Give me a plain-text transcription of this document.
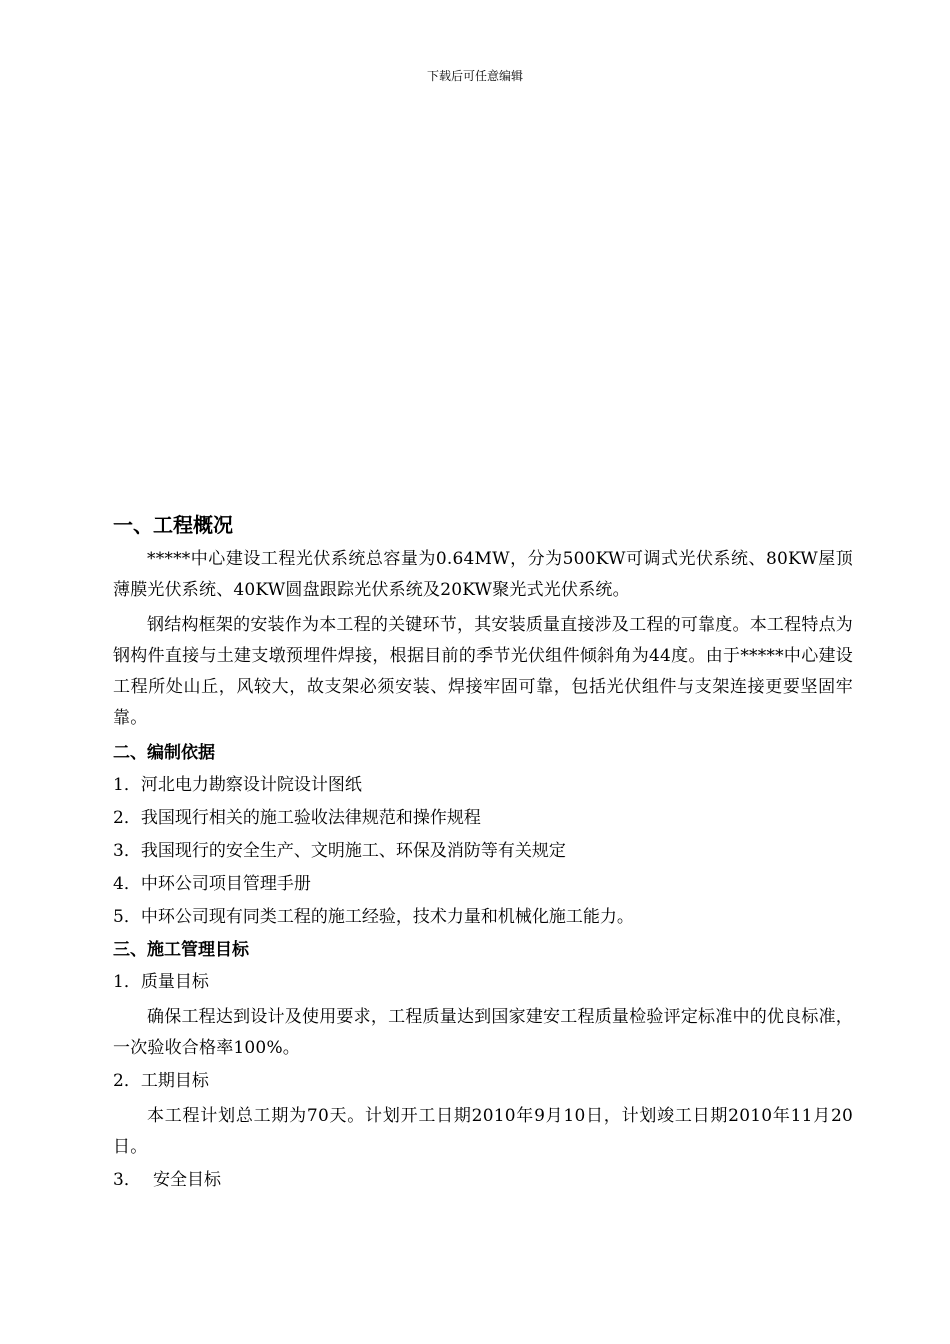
下载后可任意编辑
一、工程概况

*****中心建设工程光伏系统总容量为0.64MW，分为500KW可调式光伏系统、80KW屋顶薄膜光伏系统、40KW圆盘跟踪光伏系统及20KW聚光式光伏系统。

钢结构框架的安装作为本工程的关键环节，其安装质量直接涉及工程的可靠度。本工程特点为钢构件直接与土建支墩预埋件焊接，根据目前的季节光伏组件倾斜角为44度。由于*****中心建设工程所处山丘，风较大，故支架必须安装、焊接牢固可靠，包括光伏组件与支架连接更要坚固牢靠。

二、编制依据
1．河北电力勘察设计院设计图纸
2．我国现行相关的施工验收法律规范和操作规程
3．我国现行的安全生产、文明施工、环保及消防等有关规定
4．中环公司项目管理手册
5．中环公司现有同类工程的施工经验，技术力量和机械化施工能力。
三、施工管理目标
1．质量目标

确保工程达到设计及使用要求，工程质量达到国家建安工程质量检验评定标准中的优良标准，一次验收合格率100%。

2．工期目标

本工程计划总工期为70天。计划开工日期2010年9月10日，计划竣工日期2010年11月20日。

3． 安全目标
